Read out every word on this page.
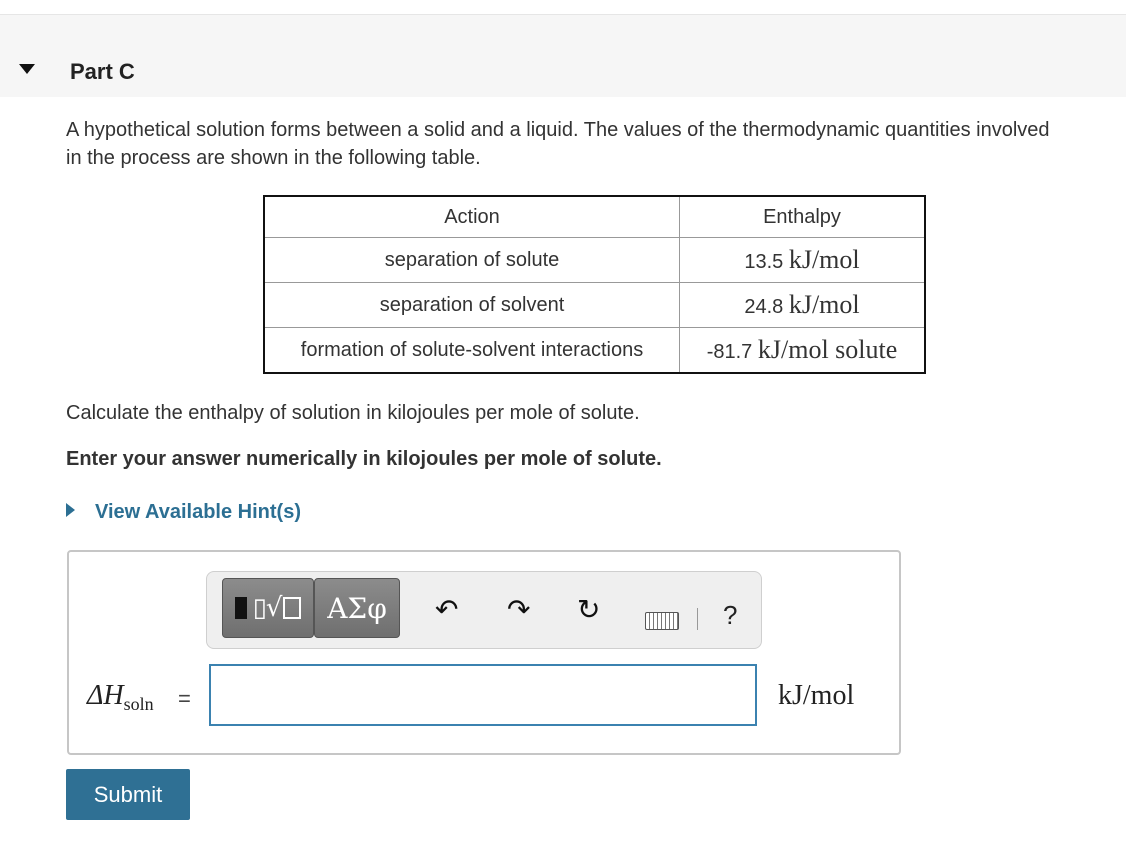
Part C
A hypothetical solution forms between a solid and a liquid. The values of the thermodynamic quantities involved in the process are shown in the following table.
Action	Enthalpy
separation of solute	13.5 kJ/mol
separation of solvent	24.8 kJ/mol
formation of solute-solvent interactions	-81.7 kJ/mol solute
Calculate the enthalpy of solution in kilojoules per mole of solute.
Enter your answer numerically in kilojoules per mole of solute.
View Available Hint(s)
▯√	ΑΣφ	↶ ↷ ↻	?
$\Delta H_{soln}$ =	kJ/mol
Submit
